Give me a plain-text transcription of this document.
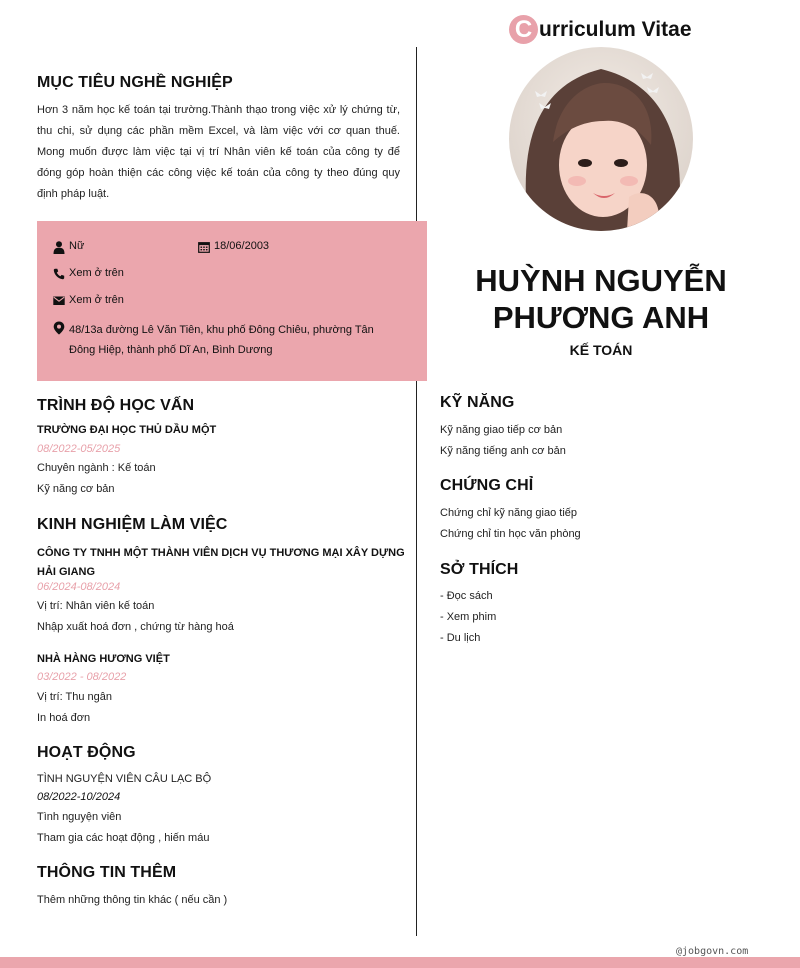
C urriculum Vitae
HUỲNH NGUYỄN
PHƯƠNG ANH
KẾ TOÁN
MỤC TIÊU NGHỀ NGHIỆP
Hơn 3 năm học kế toán tại trường.Thành thạo trong việc xử lý chứng từ, thu chi, sử dụng các phần mềm Excel, và làm việc với cơ quan thuế. Mong muốn được làm việc tại vị trí Nhân viên kế toán của công ty để đóng góp hoàn thiện các công việc kế toán của công ty theo đúng quy định pháp luật.
Nữ	18/06/2003
Xem ở trên
Xem ở trên
48/13a đường Lê Văn Tiên, khu phố Đông Chiêu, phường Tân
Đông Hiệp, thành phố Dĩ An, Bình Dương
TRÌNH ĐỘ HỌC VẤN
TRƯỜNG ĐẠI HỌC THỦ DẦU MỘT
08/2022-05/2025
Chuyên ngành : Kế toán
Kỹ năng cơ bản
KINH NGHIỆM LÀM VIỆC
CÔNG TY TNHH MỘT THÀNH VIÊN DỊCH VỤ THƯƠNG MẠI XÂY DỰNG
HẢI GIANG
06/2024-08/2024
Vị trí: Nhân viên kế toán
Nhập xuất hoá đơn , chứng từ hàng hoá
NHÀ HÀNG HƯƠNG VIỆT
03/2022 - 08/2022
Vị trí: Thu ngân
In hoá đơn
HOẠT ĐỘNG
TÌNH NGUYỆN VIÊN CÂU LẠC BỘ
08/2022-10/2024
Tình nguyện viên
Tham gia các hoạt động , hiến máu
THÔNG TIN THÊM
Thêm những thông tin khác ( nếu cần )
KỸ NĂNG
Kỹ năng giao tiếp cơ bản
Kỹ năng tiếng anh cơ bản
CHỨNG CHỈ
Chứng chỉ kỹ năng giao tiếp
Chứng chỉ tin học văn phòng
SỞ THÍCH
- Đọc sách
- Xem phim
- Du lịch
@jobgovn.com
